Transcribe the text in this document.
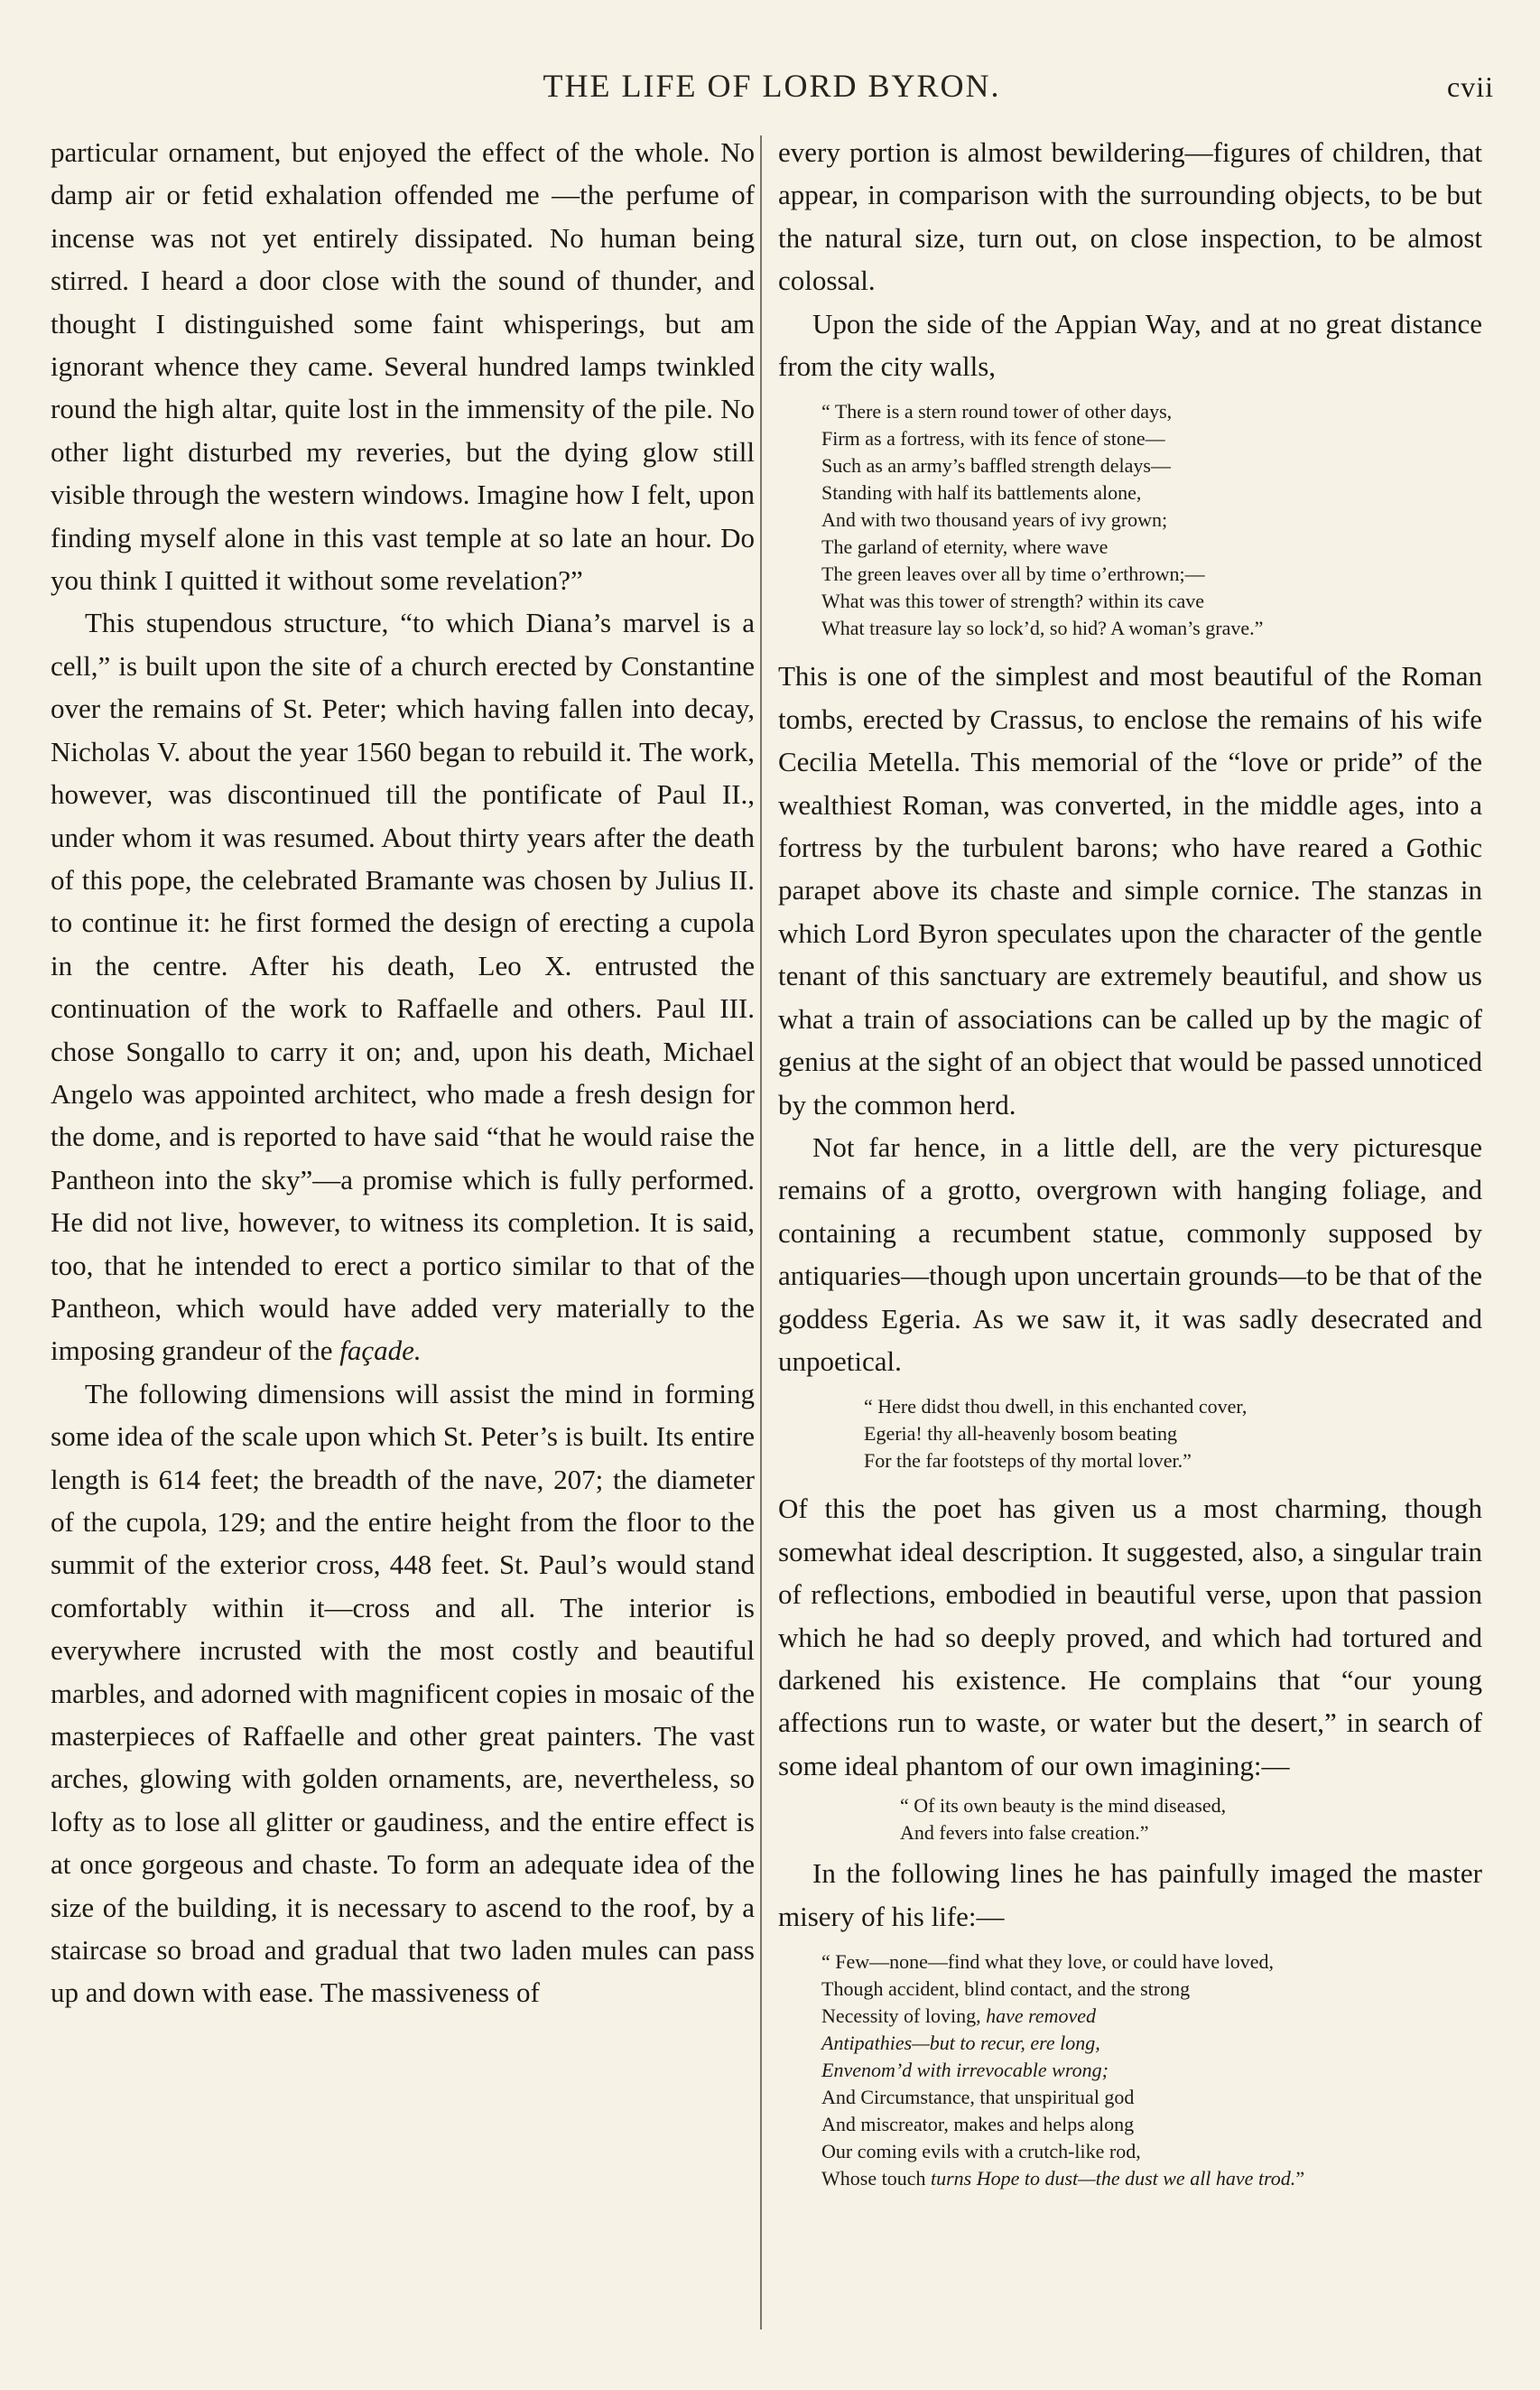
THE LIFE OF LORD BYRON.	cvii

particular ornament, but enjoyed the effect of the whole. No damp air or fetid exhalation offended me —the perfume of incense was not yet entirely dissipated. No human being stirred. I heard a door close with the sound of thunder, and thought I distinguished some faint whisperings, but am ignorant whence they came. Several hundred lamps twinkled round the high altar, quite lost in the immensity of the pile. No other light disturbed my reveries, but the dying glow still visible through the western windows. Imagine how I felt, upon finding myself alone in this vast temple at so late an hour. Do you think I quitted it without some revelation?”

This stupendous structure, “to which Diana’s marvel is a cell,” is built upon the site of a church erected by Constantine over the remains of St. Peter; which having fallen into decay, Nicholas V. about the year 1560 began to rebuild it. The work, however, was discontinued till the pontificate of Paul II., under whom it was resumed. About thirty years after the death of this pope, the celebrated Bramante was chosen by Julius II. to continue it: he first formed the design of erecting a cupola in the centre. After his death, Leo X. entrusted the continuation of the work to Raffaelle and others. Paul III. chose Songallo to carry it on; and, upon his death, Michael Angelo was appointed architect, who made a fresh design for the dome, and is reported to have said “that he would raise the Pantheon into the sky”—a promise which is fully performed. He did not live, however, to witness its completion. It is said, too, that he intended to erect a portico similar to that of the Pantheon, which would have added very materially to the imposing grandeur of the façade.

The following dimensions will assist the mind in forming some idea of the scale upon which St. Peter’s is built. Its entire length is 614 feet; the breadth of the nave, 207; the diameter of the cupola, 129; and the entire height from the floor to the summit of the exterior cross, 448 feet. St. Paul’s would stand comfortably within it—cross and all. The interior is everywhere incrusted with the most costly and beautiful marbles, and adorned with magnificent copies in mosaic of the masterpieces of Raffaelle and other great painters. The vast arches, glowing with golden ornaments, are, nevertheless, so lofty as to lose all glitter or gaudiness, and the entire effect is at once gorgeous and chaste. To form an adequate idea of the size of the building, it is necessary to ascend to the roof, by a staircase so broad and gradual that two laden mules can pass up and down with ease. The massiveness of

every portion is almost bewildering—figures of children, that appear, in comparison with the surrounding objects, to be but the natural size, turn out, on close inspection, to be almost colossal.

Upon the side of the Appian Way, and at no great distance from the city walls,

“ There is a stern round tower of other days,
Firm as a fortress, with its fence of stone—
Such as an army’s baffled strength delays—
Standing with half its battlements alone,
And with two thousand years of ivy grown;
The garland of eternity, where wave
The green leaves over all by time o’erthrown;—
What was this tower of strength? within its cave
What treasure lay so lock’d, so hid? A woman’s grave.”

This is one of the simplest and most beautiful of the Roman tombs, erected by Crassus, to enclose the remains of his wife Cecilia Metella. This memorial of the “love or pride” of the wealthiest Roman, was converted, in the middle ages, into a fortress by the turbulent barons; who have reared a Gothic parapet above its chaste and simple cornice. The stanzas in which Lord Byron speculates upon the character of the gentle tenant of this sanctuary are extremely beautiful, and show us what a train of associations can be called up by the magic of genius at the sight of an object that would be passed unnoticed by the common herd.

Not far hence, in a little dell, are the very picturesque remains of a grotto, overgrown with hanging foliage, and containing a recumbent statue, commonly supposed by antiquaries—though upon uncertain grounds—to be that of the goddess Egeria. As we saw it, it was sadly desecrated and unpoetical.

“ Here didst thou dwell, in this enchanted cover,
Egeria! thy all-heavenly bosom beating
For the far footsteps of thy mortal lover.”

Of this the poet has given us a most charming, though somewhat ideal description. It suggested, also, a singular train of reflections, embodied in beautiful verse, upon that passion which he had so deeply proved, and which had tortured and darkened his existence. He complains that “our young affections run to waste, or water but the desert,” in search of some ideal phantom of our own imagining:—

“ Of its own beauty is the mind diseased,
And fevers into false creation.”

In the following lines he has painfully imaged the master misery of his life:—

“ Few—none—find what they love, or could have loved,
Though accident, blind contact, and the strong
Necessity of loving, have removed
Antipathies—but to recur, ere long,
Envenom’d with irrevocable wrong;
And Circumstance, that unspiritual god
And miscreator, makes and helps along
Our coming evils with a crutch-like rod,
Whose touch turns Hope to dust—the dust we all have trod.”
